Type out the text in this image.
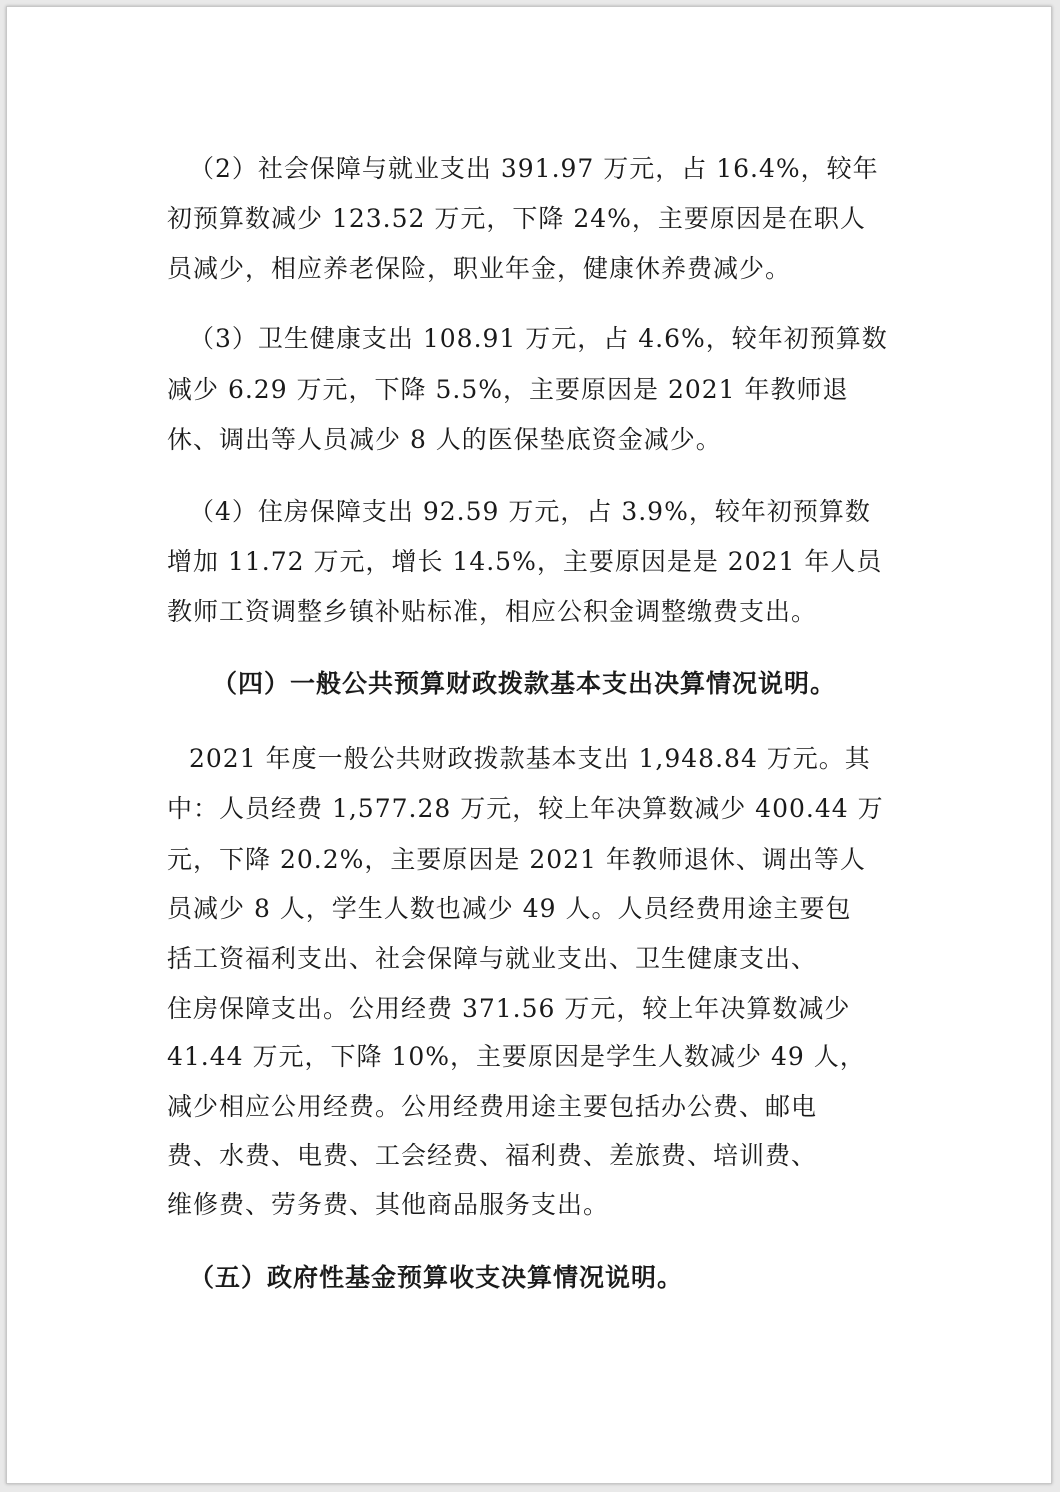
（2）社会保障与就业支出 391.97 万元，占 16.4%，较年

初预算数减少 123.52 万元，下降 24%，主要原因是在职人

员减少，相应养老保险，职业年金，健康休养费减少。

（3）卫生健康支出 108.91 万元，占 4.6%，较年初预算数

减少 6.29 万元，下降 5.5%，主要原因是 2021 年教师退

休、调出等人员减少 8 人的医保垫底资金减少。

（4）住房保障支出 92.59 万元，占 3.9%，较年初预算数

增加 11.72 万元，增长 14.5%，主要原因是是 2021 年人员

教师工资调整乡镇补贴标准，相应公积金调整缴费支出。

（四）一般公共预算财政拨款基本支出决算情况说明。

2021 年度一般公共财政拨款基本支出 1,948.84 万元。其

中：人员经费 1,577.28 万元，较上年决算数减少 400.44 万

元，下降 20.2%，主要原因是 2021 年教师退休、调出等人

员减少 8 人，学生人数也减少 49 人。人员经费用途主要包

括工资福利支出、社会保障与就业支出、卫生健康支出、

住房保障支出。公用经费 371.56 万元，较上年决算数减少

41.44 万元，下降 10%，主要原因是学生人数减少 49 人，

减少相应公用经费。公用经费用途主要包括办公费、邮电

费、水费、电费、工会经费、福利费、差旅费、培训费、

维修费、劳务费、其他商品服务支出。

（五）政府性基金预算收支决算情况说明。
